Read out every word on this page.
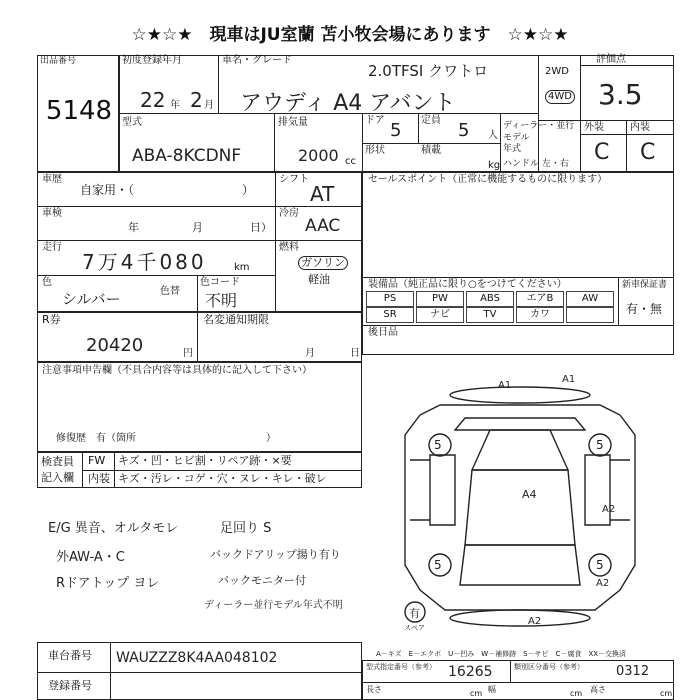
☆★☆★　現車はJU室蘭 苫小牧会場にあります　☆★☆★
出品番号
5148
初度登録年月
22 年 2 月
車名・グレード
2.0TFSI クワトロ
アウディ A4 アバント
2WD
4WD
評価点
3.5
型式
ABA-8KCDNF
排気量
2000 cc
ドア 5 定員 5 人
形状	積載
kg
ディーラー・並行
モデル
年式
ハンドル 左・右
外装	内装
C C
車歴
自家用・（　　　　　　　　　）
車検
年	月	日）
走行
7万4千080	km
色
シルバー	色替
色コード
不明
シフト
AT
冷房
AAC
燃料
ガソリン
軽油
セールスポイント（正常に機能するものに限ります）
装備品（純正品に限り○をつけてください）	新車保証書
有・無
PS	PW	ABS	エアB	AW
SR	ナビ	TV	カワ
後日品
R券
20420	円
名変通知期限
月	日
注意事項申告欄（不具合内容等は具体的に記入して下さい）
修復歴　有（箇所　　　　　　　　　　　　　）
検査員
記入欄
FW キズ・凹・ヒビ割・リペア跡・×要
内装 キズ・汚レ・コゲ・穴・ヌレ・キレ・破レ
E/G 異音、オルタモレ
外AW-A・C
Rドアトップ ヨレ
足回り S
バックドアリップ揚り有り
バックモニター付
ディーラー並行モデル年式不明
A1
A1
A4
A2
A2
A2
5	5
5	5
有
スペア
A－キズ　E－エクボ　U－凹み　W－補修跡　S－サビ　C－腐食　XX－交換済
車台番号 WAUZZZ8K4AA048102
登録番号
型式指定番号（参考） 16265	類別区分番号（参考） 0312
長さ	cm 幅	cm 高さ	cm
